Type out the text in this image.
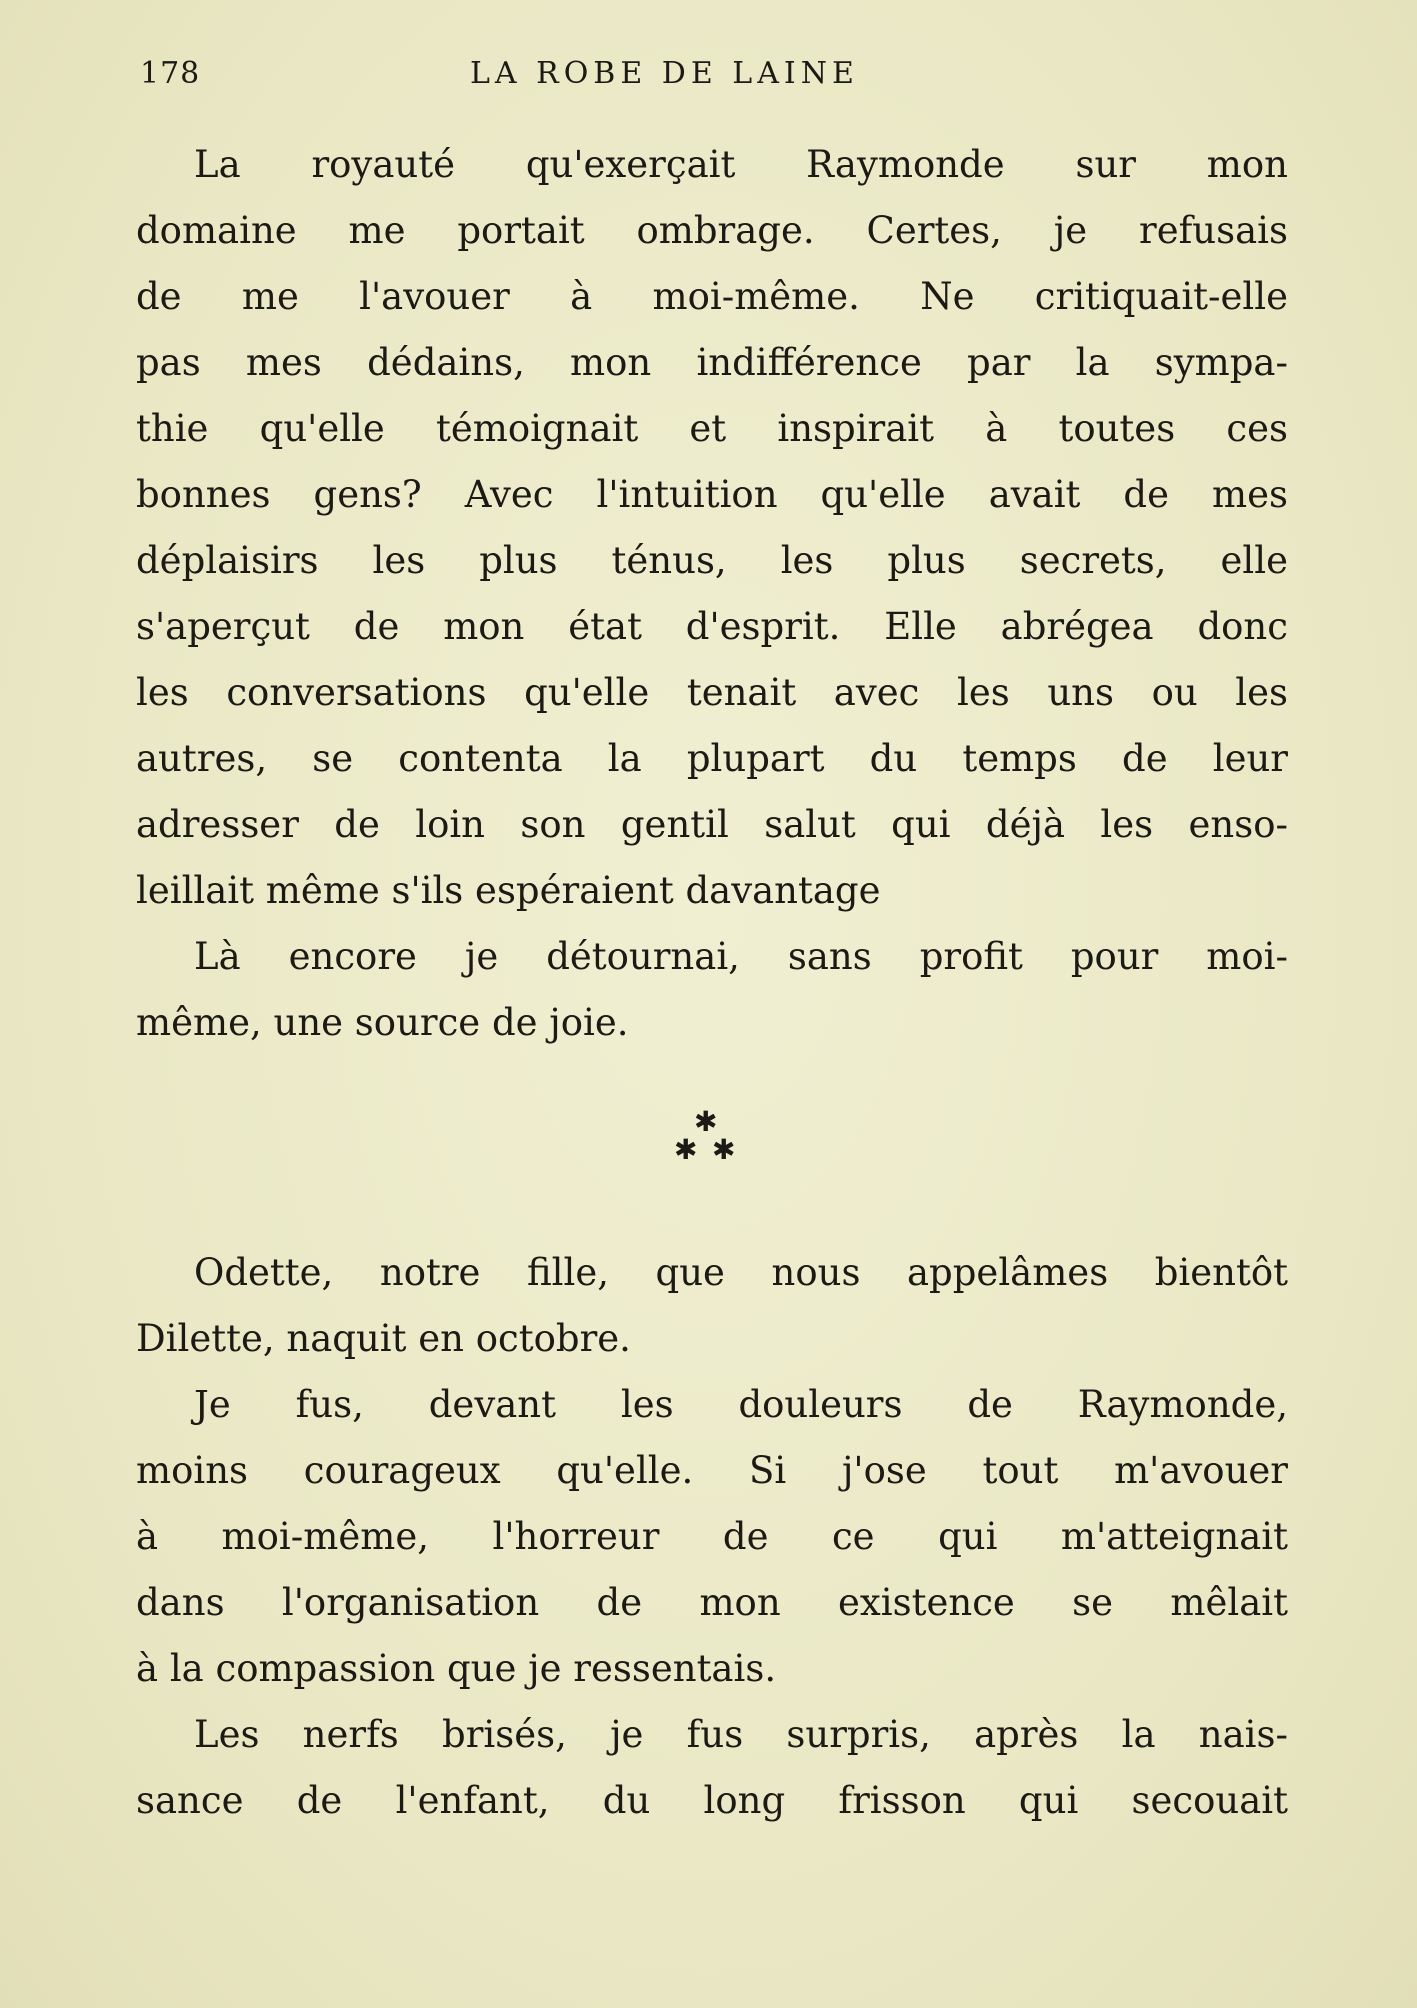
178	LA ROBE DE LAINE
La royauté qu'exerçait Raymonde sur mon
domaine me portait ombrage. Certes, je refusais
de me l'avouer à moi-même. Ne critiquait-elle
pas mes dédains, mon indifférence par la sympa-
thie qu'elle témoignait et inspirait à toutes ces
bonnes gens? Avec l'intuition qu'elle avait de mes
déplaisirs les plus ténus, les plus secrets, elle
s'aperçut de mon état d'esprit. Elle abrégea donc
les conversations qu'elle tenait avec les uns ou les
autres, se contenta la plupart du temps de leur
adresser de loin son gentil salut qui déjà les enso-
leillait même s'ils espéraient davantage
Là encore je détournai, sans profit pour moi-
même, une source de joie.
✱
✱ ✱
Odette, notre fille, que nous appelâmes bientôt
Dilette, naquit en octobre.
Je fus, devant les douleurs de Raymonde,
moins courageux qu'elle. Si j'ose tout m'avouer
à moi-même, l'horreur de ce qui m'atteignait
dans l'organisation de mon existence se mêlait
à la compassion que je ressentais.
Les nerfs brisés, je fus surpris, après la nais-
sance de l'enfant, du long frisson qui secouait
